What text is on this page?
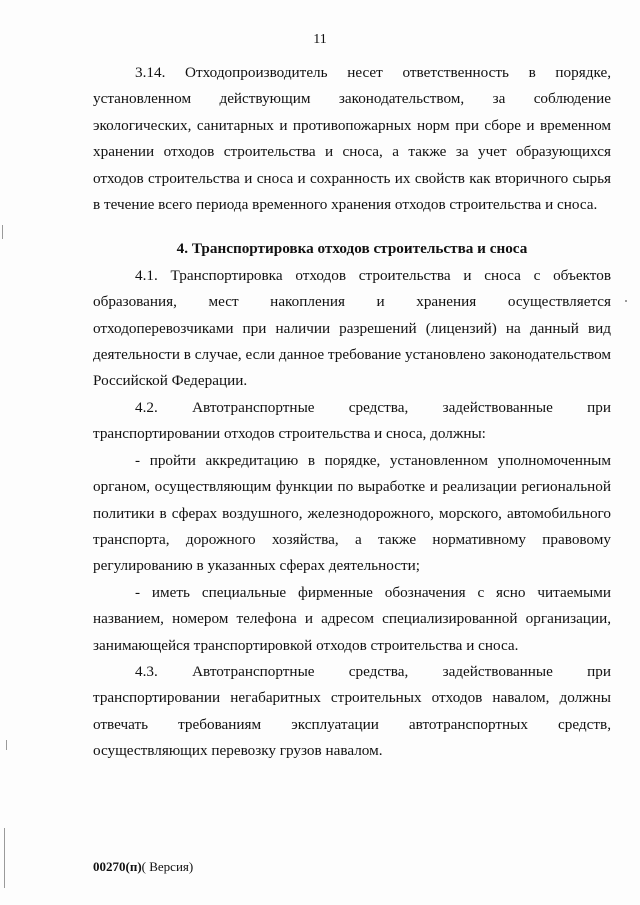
11

3.14. Отходопроизводитель несет ответственность в порядке, установленном действующим законодательством, за соблюдение экологических, санитарных и противопожарных норм при сборе и временном хранении отходов строительства и сноса, а также за учет образующихся отходов строительства и сноса и сохранность их свойств как вторичного сырья в течение всего периода временного хранения отходов строительства и сноса.

4. Транспортировка отходов строительства и сноса

4.1. Транспортировка отходов строительства и сноса с объектов образования, мест накопления и хранения осуществляется отходоперевозчиками при наличии разрешений (лицензий) на данный вид деятельности в случае, если данное требование установлено законодательством Российской Федерации.

4.2. Автотранспортные средства, задействованные при транспортировании отходов строительства и сноса, должны:

- пройти аккредитацию в порядке, установленном уполномоченным органом, осуществляющим функции по выработке и реализации региональной политики в сферах воздушного, железнодорожного, морского, автомобильного транспорта, дорожного хозяйства, а также нормативному правовому регулированию в указанных сферах деятельности;

- иметь специальные фирменные обозначения с ясно читаемыми названием, номером телефона и адресом специализированной организации, занимающейся транспортировкой отходов строительства и сноса.

4.3. Автотранспортные средства, задействованные при транспортировании негабаритных строительных отходов навалом, должны отвечать требованиям эксплуатации автотранспортных средств, осуществляющих перевозку грузов навалом.

00270(п)( Версия)
